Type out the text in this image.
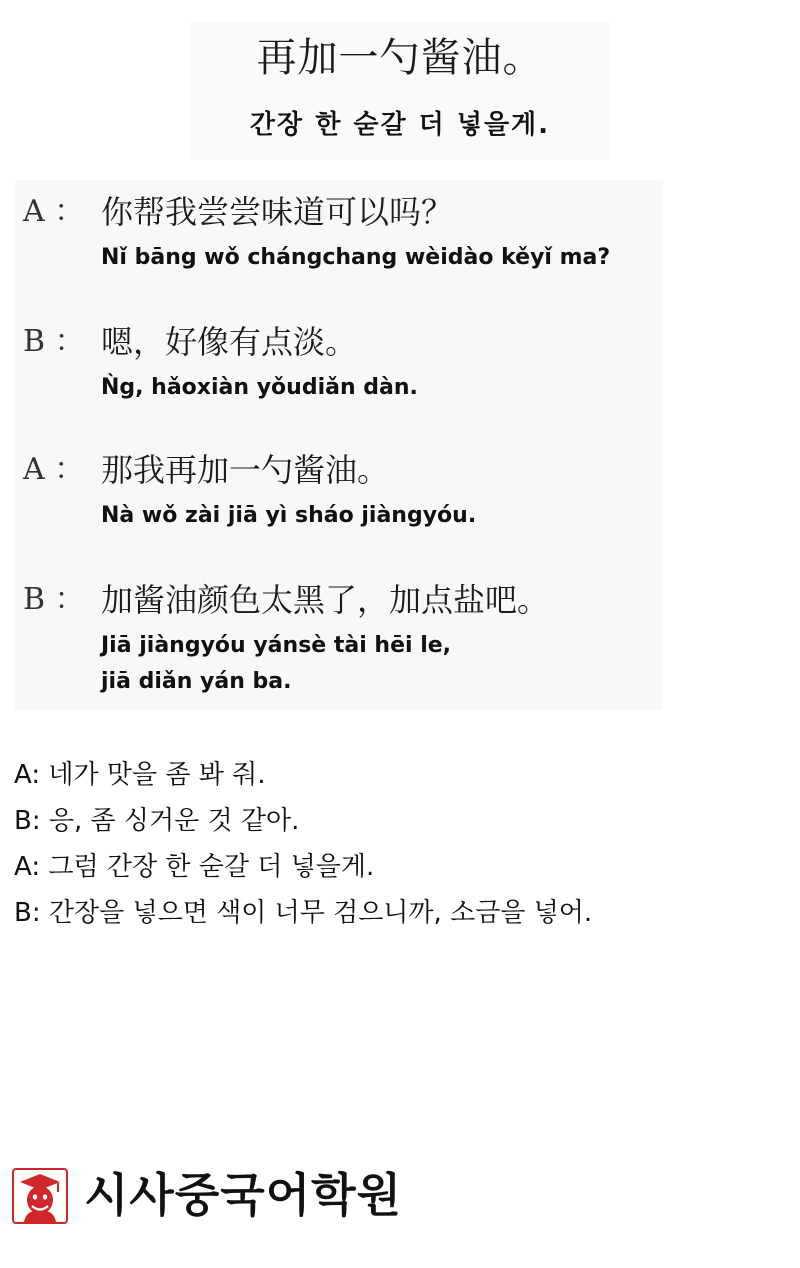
再加一勺酱油。
간장 한 숟갈 더 넣을게.
A ： 你帮我尝尝味道可以吗？
Nǐ bāng wǒ chángchang wèidào kěyǐ ma?
B ： 嗯，好像有点淡。
Ǹg, hǎoxiàn yǒudiǎn dàn.
A ： 那我再加一勺酱油。
Nà wǒ zài jiā yì sháo jiàngyóu.
B ： 加酱油颜色太黑了，加点盐吧。
Jiā jiàngyóu yánsè tài hēi le,
jiā diǎn yán ba.
A: 네가 맛을 좀 봐 줘.
B: 응, 좀 싱거운 것 같아.
A: 그럼 간장 한 숟갈 더 넣을게.
B: 간장을 넣으면 색이 너무 검으니까, 소금을 넣어.
시사중국어학원
